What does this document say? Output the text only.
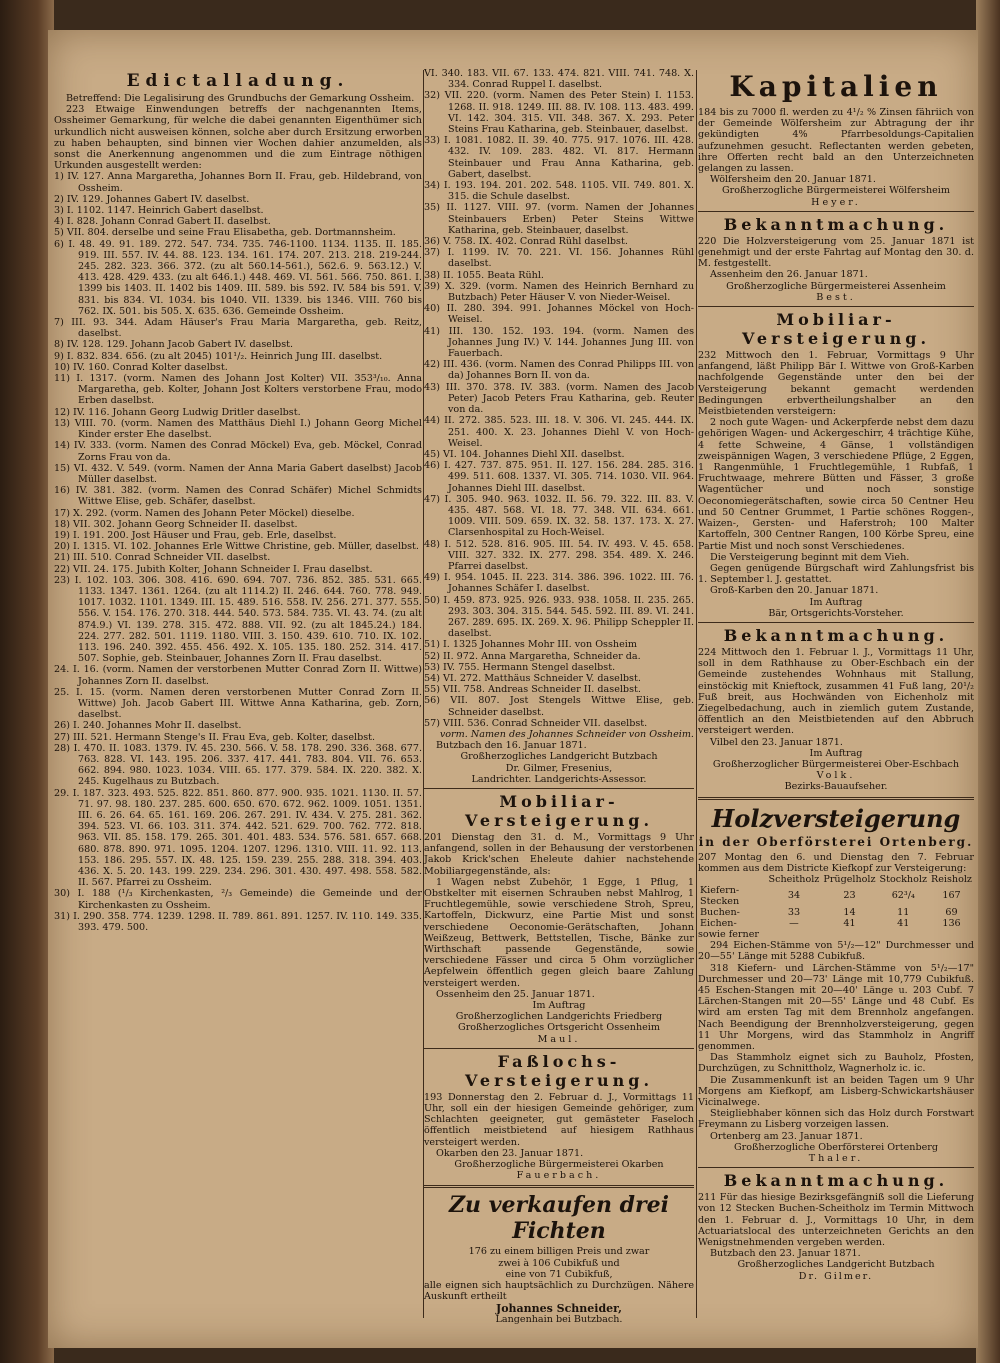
Edictalladung.

Betreffend: Die Legalisirung des Grundbuchs der Gemarkung Ossheim.

223 Etwaige Einwendungen betreffs der nachgenannten Items, Ossheimer Gemarkung, für welche die dabei genannten Eigenthümer sich urkundlich nicht ausweisen können, solche aber durch Ersitzung erworben zu haben behaupten, sind binnen vier Wochen dahier anzumelden, als sonst die Anerkennung angenommen und die zum Eintrage nöthigen Urkunden ausgestellt werden:

1) IV. 127. Anna Margaretha, Johannes Born II. Frau, geb. Hildebrand, von Ossheim.

2) IV. 129. Johannes Gabert IV. daselbst.

3) I. 1102. 1147. Heinrich Gabert daselbst.

4) I. 828. Johann Conrad Gabert II. daselbst.

5) VII. 804. derselbe und seine Frau Elisabetha, geb. Dortmannsheim.

6) I. 48. 49. 91. 189. 272. 547. 734. 735. 746-1100. 1134. 1135. II. 185. 919. III. 557. IV. 44. 88. 123. 134. 161. 174. 207. 213. 218. 219-244. 245. 282. 323. 366. 372. (zu alt 560.14-561.), 562.6. 9. 563.12.) V. 413. 428. 429. 433. (zu alt 646.1.) 448. 469. VI. 561. 566. 750. 861. I. 1399 bis 1403. II. 1402 bis 1409. III. 589. bis 592. IV. 584 bis 591. V. 831. bis 834. VI. 1034. bis 1040. VII. 1339. bis 1346. VIII. 760 bis 762. IX. 501. bis 505. X. 635. 636. Gemeinde Ossheim.

7) III. 93. 344. Adam Häuser's Frau Maria Margaretha, geb. Reitz, daselbst.

8) IV. 128. 129. Johann Jacob Gabert IV. daselbst.

9) I. 832. 834. 656. (zu alt 2045) 101¹/₂. Heinrich Jung III. daselbst.

10) IV. 160. Conrad Kolter daselbst.

11) I. 1317. (vorm. Namen des Johann Jost Kolter) VII. 353³/₁₀. Anna Margaretha, geb. Kolter, Johann Jost Kolters verstorbene Frau, modo Erben daselbst.

12) IV. 116. Johann Georg Ludwig Dritler daselbst.

13) VIII. 70. (vorm. Namen des Matthäus Diehl I.) Johann Georg Michel Kinder erster Ehe daselbst.

14) IV. 333. (vorm. Namen des Conrad Möckel) Eva, geb. Möckel, Conrad Zorns Frau von da.

15) VI. 432. V. 549. (vorm. Namen der Anna Maria Gabert daselbst) Jacob Müller daselbst.

16) IV. 381. 382. (vorm. Namen des Conrad Schäfer) Michel Schmidts Wittwe Elise, geb. Schäfer, daselbst.

17) X. 292. (vorm. Namen des Johann Peter Möckel) dieselbe.

18) VII. 302. Johann Georg Schneider II. daselbst.

19) I. 191. 200. Jost Häuser und Frau, geb. Erle, daselbst.

20) I. 1315. VI. 102. Johannes Erle Wittwe Christine, geb. Müller, daselbst.

21) III. 510. Conrad Schneider VII. daselbst.

22) VII. 24. 175. Jubith Kolter, Johann Schneider I. Frau daselbst.

23) I. 102. 103. 306. 308. 416. 690. 694. 707. 736. 852. 385. 531. 665. 1133. 1347. 1361. 1264. (zu alt 1114.2) II. 246. 644. 760. 778. 949. 1017. 1032. 1101. 1349. III. 15. 489. 516. 558. IV. 256. 271. 377. 555. 556. V. 154. 176. 270. 318. 444. 540. 573. 584. 735. VI. 43. 74. (zu alt 874.9.) VI. 139. 278. 315. 472. 888. VII. 92. (zu alt 1845.24.) 184. 224. 277. 282. 501. 1119. 1180. VIII. 3. 150. 439. 610. 710. IX. 102. 113. 196. 240. 392. 455. 456. 492. X. 105. 135. 180. 252. 314. 417. 507. Sophie, geb. Steinbauer, Johannes Zorn II. Frau daselbst.

24. I. 16. (vorm. Namen der verstorbenen Mutter Conrad Zorn II. Wittwe) Johannes Zorn II. daselbst.

25. I. 15. (vorm. Namen deren verstorbenen Mutter Conrad Zorn II. Wittwe) Joh. Jacob Gabert III. Wittwe Anna Katharina, geb. Zorn, daselbst.

26) I. 240. Johannes Mohr II. daselbst.

27) III. 521. Hermann Stenge's II. Frau Eva, geb. Kolter, daselbst.

28) I. 470. II. 1083. 1379. IV. 45. 230. 566. V. 58. 178. 290. 336. 368. 677. 763. 828. VI. 143. 195. 206. 337. 417. 441. 783. 804. VII. 76. 653. 662. 894. 980. 1023. 1034. VIII. 65. 177. 379. 584. IX. 220. 382. X. 245. Kugelhaus zu Butzbach.

29. I. 187. 323. 493. 525. 822. 851. 860. 877. 900. 935. 1021. 1130. II. 57. 71. 97. 98. 180. 237. 285. 600. 650. 670. 672. 962. 1009. 1051. 1351. III. 6. 26. 64. 65. 161. 169. 206. 267. 291. IV. 434. V. 275. 281. 362. 394. 523. VI. 66. 103. 311. 374. 442. 521. 629. 700. 762. 772. 818. 963. VII. 85. 158. 179. 265. 301. 401. 483. 534. 576. 581. 657. 668. 680. 878. 890. 971. 1095. 1204. 1207. 1296. 1310. VIII. 11. 92. 113. 153. 186. 295. 557. IX. 48. 125. 159. 239. 255. 288. 318. 394. 403. 436. X. 5. 20. 143. 199. 229. 234. 296. 301. 430. 497. 498. 558. 582. II. 567. Pfarrei zu Ossheim.

30) I. 188 (¹/₃ Kirchenkasten, ²/₃ Gemeinde) die Gemeinde und der Kirchenkasten zu Ossheim.

31) I. 290. 358. 774. 1239. 1298. II. 789. 861. 891. 1257. IV. 110. 149. 335. 393. 479. 500.

VI. 340. 183. VII. 67. 133. 474. 821. VIII. 741. 748. X. 334. Conrad Ruppel I. daselbst.

32) VII. 220. (vorm. Namen des Peter Stein) I. 1153. 1268. II. 918. 1249. III. 88. IV. 108. 113. 483. 499. VI. 142. 304. 315. VII. 348. 367. X. 293. Peter Steins Frau Katharina, geb. Steinbauer, daselbst.

33) I. 1081. 1082. II. 39. 40. 775. 917. 1076. III. 428. 432. IV. 109. 283. 482. VI. 817. Hermann Steinbauer und Frau Anna Katharina, geb. Gabert, daselbst.

34) I. 193. 194. 201. 202. 548. 1105. VII. 749. 801. X. 315. die Schule daselbst.

35) II. 1127. VIII. 97. (vorm. Namen der Johannes Steinbauers Erben) Peter Steins Wittwe Katharina, geb. Steinbauer, daselbst.

36) V. 758. IX. 402. Conrad Rühl daselbst.

37) I. 1199. IV. 70. 221. VI. 156. Johannes Rühl daselbst.

38) II. 1055. Beata Rühl.

39) X. 329. (vorm. Namen des Heinrich Bernhard zu Butzbach) Peter Häuser V. von Nieder-Weisel.

40) II. 280. 394. 991. Johannes Möckel von Hoch-Weisel.

41) III. 130. 152. 193. 194. (vorm. Namen des Johannes Jung IV.) V. 144. Johannes Jung III. von Fauerbach.

42) III. 436. (vorm. Namen des Conrad Philipps III. von da) Johannes Born II. von da.

43) III. 370. 378. IV. 383. (vorm. Namen des Jacob Peter) Jacob Peters Frau Katharina, geb. Reuter von da.

44) II. 272. 385. 523. III. 18. V. 306. VI. 245. 444. IX. 251. 400. X. 23. Johannes Diehl V. von Hoch-Weisel.

45) VI. 104. Johannes Diehl XII. daselbst.

46) I. 427. 737. 875. 951. II. 127. 156. 284. 285. 316. 499. 511. 608. 1337. VI. 305. 714. 1030. VII. 964. Johannes Diehl III. daselbst.

47) I. 305. 940. 963. 1032. II. 56. 79. 322. III. 83. V. 435. 487. 568. VI. 18. 77. 348. VII. 634. 661. 1009. VIII. 509. 659. IX. 32. 58. 137. 173. X. 27. Clarsenhospital zu Hoch-Weisel.

48) I. 512. 528. 816. 905. III. 54. IV. 493. V. 45. 658. VIII. 327. 332. IX. 277. 298. 354. 489. X. 246. Pfarrei daselbst.

49) I. 954. 1045. II. 223. 314. 386. 396. 1022. III. 76. Johannes Schäfer I. daselbst.

50) I. 459. 873. 925. 926. 933. 938. 1058. II. 235. 265. 293. 303. 304. 315. 544. 545. 592. III. 89. VI. 241. 267. 289. 695. IX. 269. X. 96. Philipp Scheppler II. daselbst.

51) I. 1325 Johannes Mohr III. von Ossheim

52) II. 972. Anna Margaretha, Schneider da.

53) IV. 755. Hermann Stengel daselbst.

54) VI. 272. Matthäus Schneider V. daselbst.

55) VII. 758. Andreas Schneider II. daselbst.

56) VII. 807. Jost Stengels Wittwe Elise, geb. Schneider daselbst.

57) VIII. 536. Conrad Schneider VII. daselbst.

vorm. Namen des Johannes Schneider von Ossheim.

Butzbach den 16. Januar 1871.

Großherzogliches Landgericht Butzbach
Dr. Gilmer, Fresenius,
Landrichter. Landgerichts-Assessor.
Mobiliar-Versteigerung.

201 Dienstag den 31. d. M., Vormittags 9 Uhr anfangend, sollen in der Behausung der verstorbenen Jakob Krick'schen Eheleute dahier nachstehende Mobiliargegenstände, als:

1 Wagen nebst Zubehör, 1 Egge, 1 Pflug, 1 Obstkelter mit eisernen Schrauben nebst Mahlrog, 1 Fruchtlegemühle, sowie verschiedene Stroh, Spreu, Kartoffeln, Dickwurz, eine Partie Mist und sonst verschiedene Oeconomie-Gerätschaften, Johann Weißzeug, Bettwerk, Bettstellen, Tische, Bänke zur Wirthschaft passende Gegenstände, sowie verschiedene Fässer und circa 5 Ohm vorzüglicher Aepfelwein öffentlich gegen gleich baare Zahlung versteigert werden.

Ossenheim den 25. Januar 1871.

Im Auftrag
Großherzoglichen Landgerichts Friedberg
Großherzogliches Ortsgericht Ossenheim
Maul.
Faßlochs-Versteigerung.

193 Donnerstag den 2. Februar d. J., Vormittags 11 Uhr, soll ein der hiesigen Gemeinde gehöriger, zum Schlachten geeigneter, gut gemästeter Faseloch öffentlich meistbietend auf hiesigem Rathhaus versteigert werden.

Okarben den 23. Januar 1871.

Großherzogliche Bürgermeisterei Okarben
Fauerbach.
Zu verkaufen drei Fichten
176 zu einem billigen Preis und zwar
zwei à 106 Cubikfuß und
eine von 71 Cubikfuß,

alle eignen sich hauptsächlich zu Durchzügen. Nähere Auskunft ertheilt

Johannes Schneider,
Langenhain bei Butzbach.
Kapitalien

184 bis zu 7000 fl. werden zu 4¹/₂ % Zinsen fähriich von der Gemeinde Wölfersheim zur Abtragung der ihr gekündigten 4% Pfarrbesoldungs-Capitalien aufzunehmen gesucht. Reflectanten werden gebeten, ihre Offerten recht bald an den Unterzeichneten gelangen zu lassen.

Wölfersheim den 20. Januar 1871.

Großherzogliche Bürgermeisterei Wölfersheim
Heyer.
Bekanntmachung.

220 Die Holzversteigerung vom 25. Januar 1871 ist genehmigt und der erste Fahrtag auf Montag den 30. d. M. festgestellt.

Assenheim den 26. Januar 1871.

Großherzogliche Bürgermeisterei Assenheim
Best.
Mobiliar-Versteigerung.

232 Mittwoch den 1. Februar, Vormittags 9 Uhr anfangend, läßt Philipp Bär I. Wittwe von Groß-Karben nachfolgende Gegenstände unter den bei der Versteigerung bekannt gemacht werdenden Bedingungen erbvertheilungshalber an den Meistbietenden versteigern:

2 noch gute Wagen- und Ackerpferde nebst dem dazu gehörigen Wagen- und Ackergeschirr, 4 trächtige Kühe, 4 fette Schweine, 4 Gänse, 1 vollständigen zweispännigen Wagen, 3 verschiedene Pflüge, 2 Eggen, 1 Rangenmühle, 1 Fruchtlegemühle, 1 Rubfaß, 1 Fruchtwaage, mehrere Bütten und Fässer, 3 große Wagentücher und noch sonstige Oeconomiegerätschaften, sowie circa 50 Centner Heu und 50 Centner Grummet, 1 Partie schönes Roggen-, Waizen-, Gersten- und Haferstroh; 100 Malter Kartoffeln, 300 Centner Rangen, 100 Körbe Spreu, eine Partie Mist und noch sonst Verschiedenes.

Die Versteigerung beginnt mit dem Vieh.

Gegen genügende Bürgschaft wird Zahlungsfrist bis 1. September l. J. gestattet.

Groß-Karben den 20. Januar 1871.

Im Auftrag
Bär, Ortsgerichts-Vorsteher.
Bekanntmachung.

224 Mittwoch den 1. Februar l. J., Vormittags 11 Uhr, soll in dem Rathhause zu Ober-Eschbach ein der Gemeinde zustehendes Wohnhaus mit Stallung, einstöckig mit Knieftock, zusammen 41 Fuß lang, 20¹/₂ Fuß breit, aus Hochwänden von Eichenholz mit Ziegelbedachung, auch in ziemlich gutem Zustande, öffentlich an den Meistbietenden auf den Abbruch versteigert werden.

Vilbel den 23. Januar 1871.

Im Auftrag
Großherzoglicher Bürgermeisterei Ober-Eschbach
Volk.
Bezirks-Bauaufseher.
Holzversteigerung
in der Oberförsterei Ortenberg.

207 Montag den 6. und Dienstag den 7. Februar kommen aus dem Districte Kiefkopf zur Versteigerung:

	Scheitholz	Prügelholz	Stockholz	Reisholz
Kiefern-Stecken	34	23	62³/₄	167
Buchen-	33	14	11	69
Eichen-	—	41	41	136

sowie ferner

294 Eichen-Stämme von 5¹/₂—12" Durchmesser und 20—55' Länge mit 5288 Cubikfuß.

318 Kiefern- und Lärchen-Stämme von 5¹/₂—17" Durchmesser und 20—73' Länge mit 10,779 Cubikfuß. 45 Eschen-Stangen mit 20—40' Länge u. 203 Cubf. 7 Lärchen-Stangen mit 20—55' Länge und 48 Cubf. Es wird am ersten Tag mit dem Brennholz angefangen. Nach Beendigung der Brennholzversteigerung, gegen 11 Uhr Morgens, wird das Stammholz in Angriff genommen.

Das Stammholz eignet sich zu Bauholz, Pfosten, Durchzügen, zu Schnittholz, Wagnerholz ic. ic.

Die Zusammenkunft ist an beiden Tagen um 9 Uhr Morgens am Kiefkopf, am Lisberg-Schwickartshäuser Vicinalwege.

Steigliebhaber können sich das Holz durch Forstwart Freymann zu Lisberg vorzeigen lassen.

Ortenberg am 23. Januar 1871.

Großherzogliche Oberförsterei Ortenberg
Thaler.
Bekanntmachung.

211 Für das hiesige Bezirksgefängniß soll die Lieferung von 12 Stecken Buchen-Scheitholz im Termin Mittwoch den 1. Februar d. J., Vormittags 10 Uhr, in dem Actuariatslocal des unterzeichneten Gerichts an den Wenigstnehmenden vergeben werden.

Butzbach den 23. Januar 1871.

Großherzogliches Landgericht Butzbach
Dr. Gilmer.
